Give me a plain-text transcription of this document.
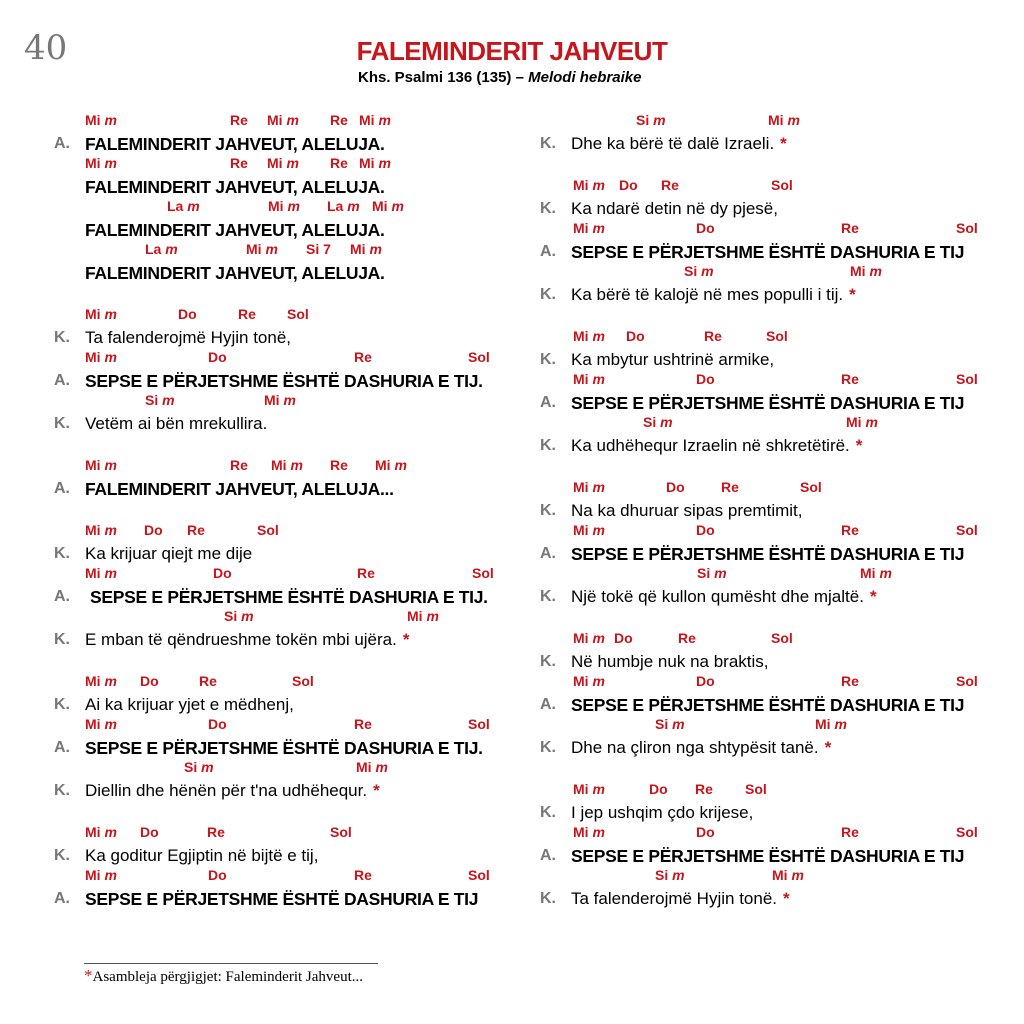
40	FALEMINDERIT JAHVEUT
Khs. Psalmi 136 (135) – Melodi hebraike
Mi m	Re Mi m Re Mi m
A. FALEMINDERIT JAHVEUT, ALELUJA.
Mi m	Re Mi m Re Mi m
FALEMINDERIT JAHVEUT, ALELUJA.
La m	Mi m La m Mi m
FALEMINDERIT JAHVEUT, ALELUJA.
La m	Mi m Si 7 Mi m
FALEMINDERIT JAHVEUT, ALELUJA.
Mi m	Do	Re Sol
K. Ta falenderojmë Hyjin tonë,
Mi m	Do	Re	Sol
A. SEPSE E PËRJETSHME ËSHTË DASHURIA E TIJ.
Si m	Mi m
K. Vetëm ai bën mrekullira.
Mi m	Re Mi m Re Mi m
A. FALEMINDERIT JAHVEUT, ALELUJA...
Mi m Do Re	Sol
K. Ka krijuar qiejt me dije
Mi m	Do	Re	Sol
A.	SEPSE E PËRJETSHME ËSHTË DASHURIA E TIJ.
Si m	Mi m
K. E mban të qëndrueshme tokën mbi ujëra. *
Mi m Do	Re	Sol
K. Ai ka krijuar yjet e mëdhenj,
Mi m	Do	Re	Sol
A. SEPSE E PËRJETSHME ËSHTË DASHURIA E TIJ.
Si m	Mi m
K. Diellin dhe hënën për t'na udhëhequr. *
Mi m Do	Re	Sol
K. Ka goditur Egjiptin në bijtë e tij,
Mi m	Do	Re	Sol
A. SEPSE E PËRJETSHME ËSHTË DASHURIA E TIJ
Si m	Mi m
K. Dhe ka bërë të dalë Izraeli. *
Mi m Do Re	Sol
K. Ka ndarë detin në dy pjesë,
Mi m	Do	Re	Sol
A. SEPSE E PËRJETSHME ËSHTË DASHURIA E TIJ
Si m	Mi m
K. Ka bërë të kalojë në mes populli i tij. *
Mi m Do	Re	Sol
K. Ka mbytur ushtrinë armike,
Mi m	Do	Re	Sol
A. SEPSE E PËRJETSHME ËSHTË DASHURIA E TIJ
Si m	Mi m
K. Ka udhëhequr Izraelin në shkretëtirë. *
Mi m	Do	Re	Sol
K. Na ka dhuruar sipas premtimit,
Mi m	Do	Re	Sol
A. SEPSE E PËRJETSHME ËSHTË DASHURIA E TIJ
Si m	Mi m
K. Një tokë që kullon qumësht dhe mjaltë. *
Mi m Do	Re	Sol
K. Në humbje nuk na braktis,
Mi m	Do	Re	Sol
A. SEPSE E PËRJETSHME ËSHTË DASHURIA E TIJ
Si m	Mi m
K. Dhe na çliron nga shtypësit tanë. *
Mi m	Do Re Sol
K. I jep ushqim çdo krijese,
Mi m	Do	Re	Sol
A. SEPSE E PËRJETSHME ËSHTË DASHURIA E TIJ
Si m	Mi m
K. Ta falenderojmë Hyjin tonë. *
*Asambleja përgjigjet: Faleminderit Jahveut...
